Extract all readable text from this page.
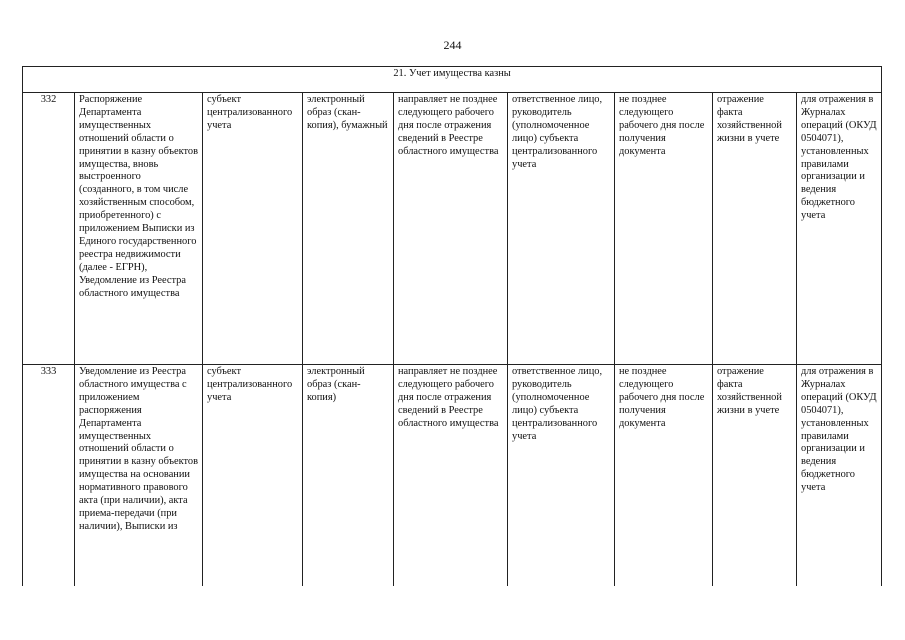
244
21. Учет имущества казны								
332	Распоряжение Департамента имущественных отношений области о принятии в казну объектов имущества, вновь выстроенного (созданного, в том числе хозяйственным способом, приобретенного) с приложением Выписки из Единого государственного реестра недвижимости (далее - ЕГРН), Уведомление из Реестра областного имущества	субъект централизованного учета	электронный образ (скан-копия), бумажный	направляет не позднее следующего рабочего дня после отражения сведений в Реестре областного имущества	ответственное лицо, руководитель (уполномоченное лицо) субъекта централизованного учета	не позднее следующего рабочего дня после получения документа	отражение факта хозяйственной жизни в учете	для отражения в Журналах операций (ОКУД 0504071), установленных правилами организации и ведения бюджетного учета
333	Уведомление из Реестра областного имущества с приложением распоряжения Департамента имущественных отношений области о принятии в казну объектов имущества на основании нормативного правового акта (при наличии), акта приема-передачи (при наличии), Выписки из	субъект централизованного учета	электронный образ (скан-копия)	направляет не позднее следующего рабочего дня после отражения сведений в Реестре областного имущества	ответственное лицо, руководитель (уполномоченное лицо) субъекта централизованного учета	не позднее следующего рабочего дня после получения документа	отражение факта хозяйственной жизни в учете	для отражения в Журналах операций (ОКУД 0504071), установленных правилами организации и ведения бюджетного учета
